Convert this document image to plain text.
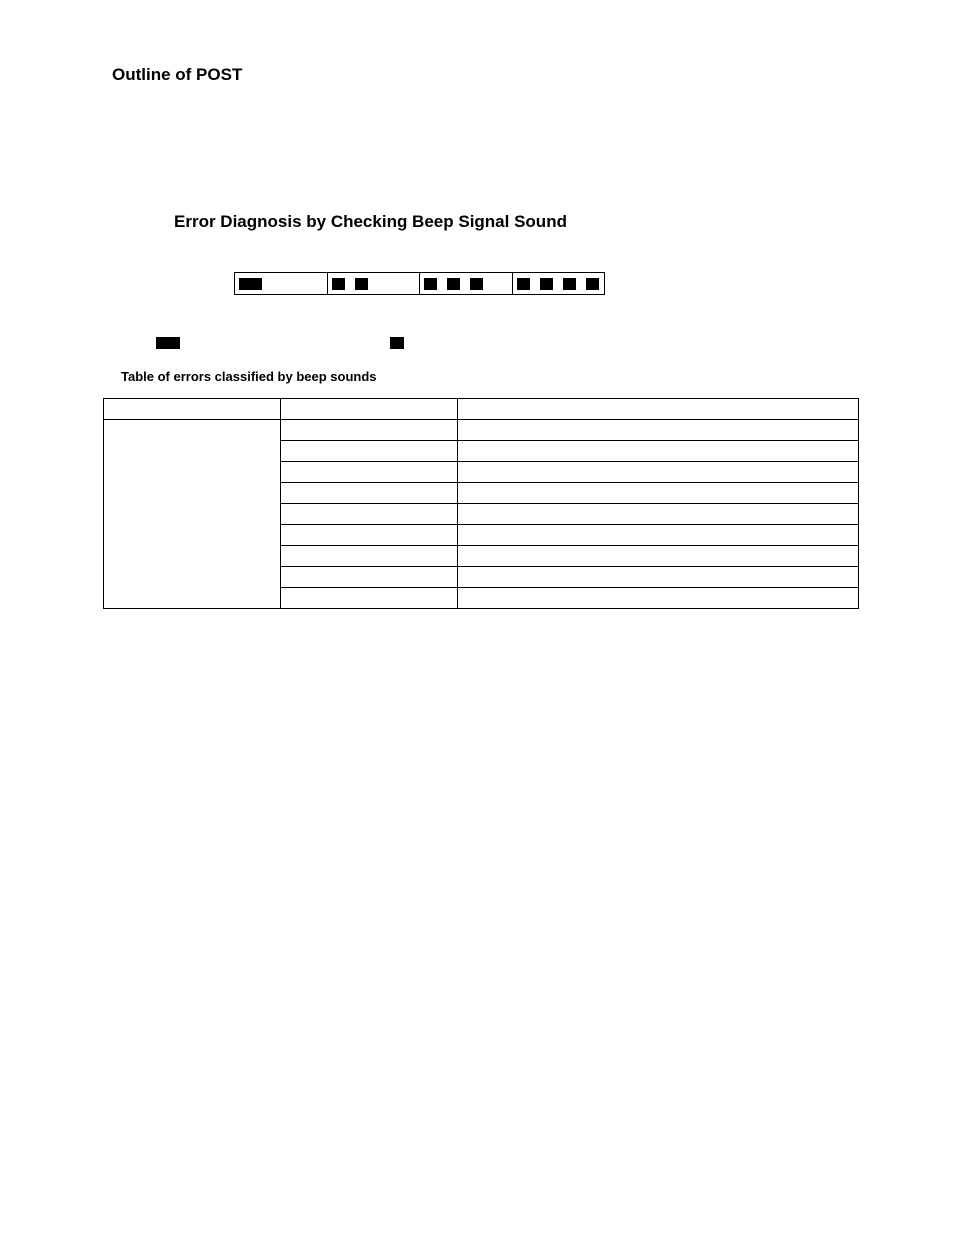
Outline of POST
Error Diagnosis by Checking Beep Signal Sound

Table of errors classified by beep sounds
